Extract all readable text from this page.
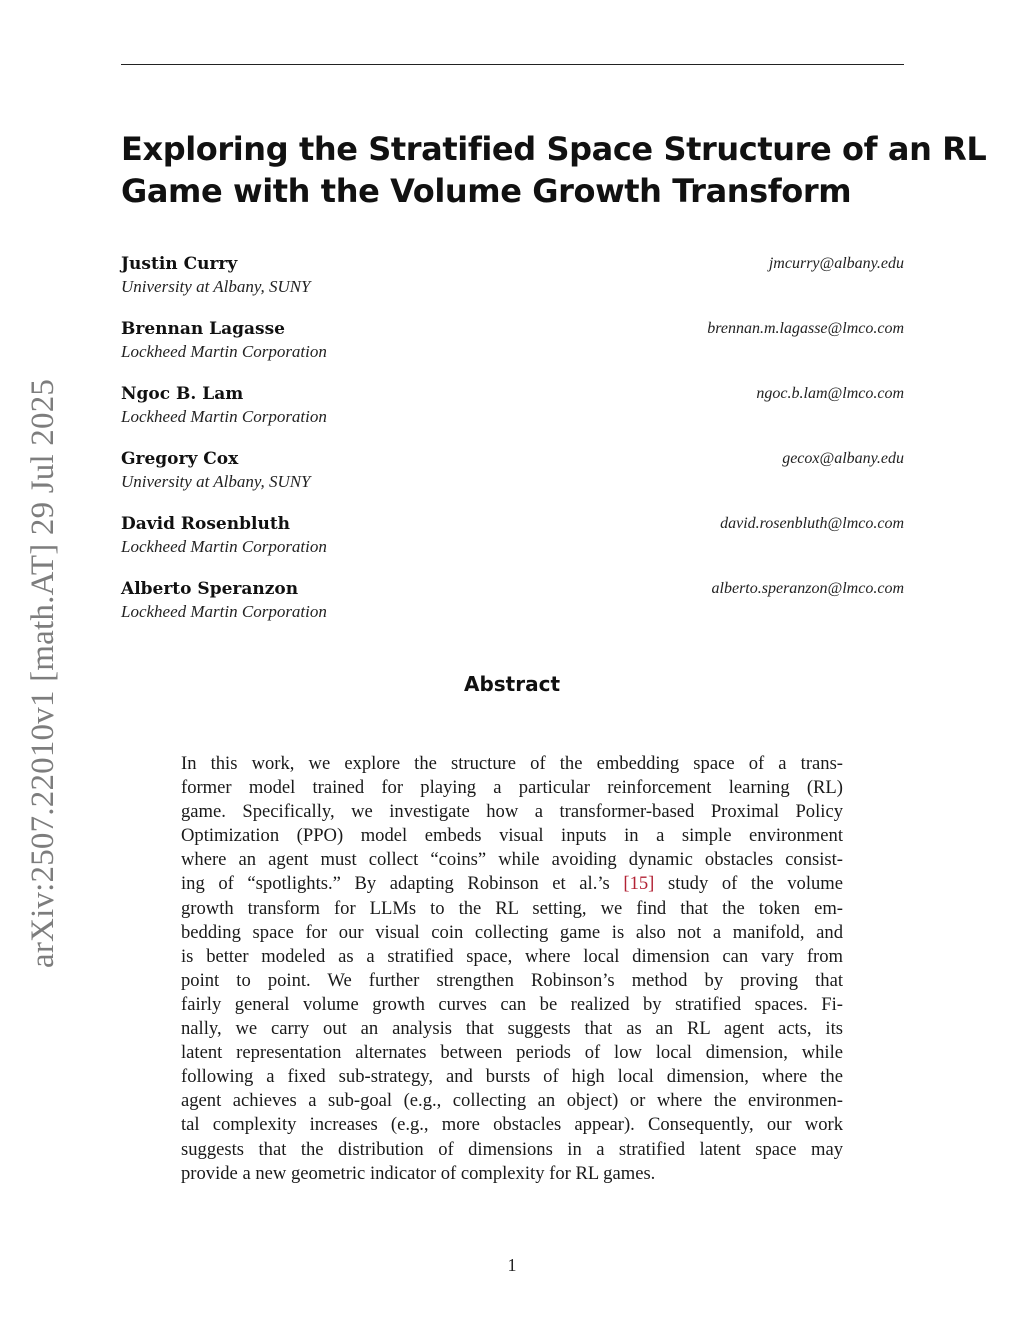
Exploring the Stratified Space Structure of an RL
Game with the Volume Growth Transform
Justin Curry
University at Albany, SUNY
jmcurry@albany.edu
Brennan Lagasse
Lockheed Martin Corporation
brennan.m.lagasse@lmco.com
Ngoc B. Lam
Lockheed Martin Corporation
ngoc.b.lam@lmco.com
Gregory Cox
University at Albany, SUNY
gecox@albany.edu
David Rosenbluth
Lockheed Martin Corporation
david.rosenbluth@lmco.com
Alberto Speranzon
Lockheed Martin Corporation
alberto.speranzon@lmco.com
Abstract
In this work, we explore the structure of the embedding space of a trans-
former model trained for playing a particular reinforcement learning (RL)
game. Specifically, we investigate how a transformer-based Proximal Policy
Optimization (PPO) model embeds visual inputs in a simple environment
where an agent must collect “coins” while avoiding dynamic obstacles consist-
ing of “spotlights.” By adapting Robinson et al.’s [15] study of the volume
growth transform for LLMs to the RL setting, we find that the token em-
bedding space for our visual coin collecting game is also not a manifold, and
is better modeled as a stratified space, where local dimension can vary from
point to point. We further strengthen Robinson’s method by proving that
fairly general volume growth curves can be realized by stratified spaces. Fi-
nally, we carry out an analysis that suggests that as an RL agent acts, its
latent representation alternates between periods of low local dimension, while
following a fixed sub-strategy, and bursts of high local dimension, where the
agent achieves a sub-goal (e.g., collecting an object) or where the environmen-
tal complexity increases (e.g., more obstacles appear). Consequently, our work
suggests that the distribution of dimensions in a stratified latent space may
provide a new geometric indicator of complexity for RL games.
arXiv:2507.22010v1 [math.AT] 29 Jul 2025
1
